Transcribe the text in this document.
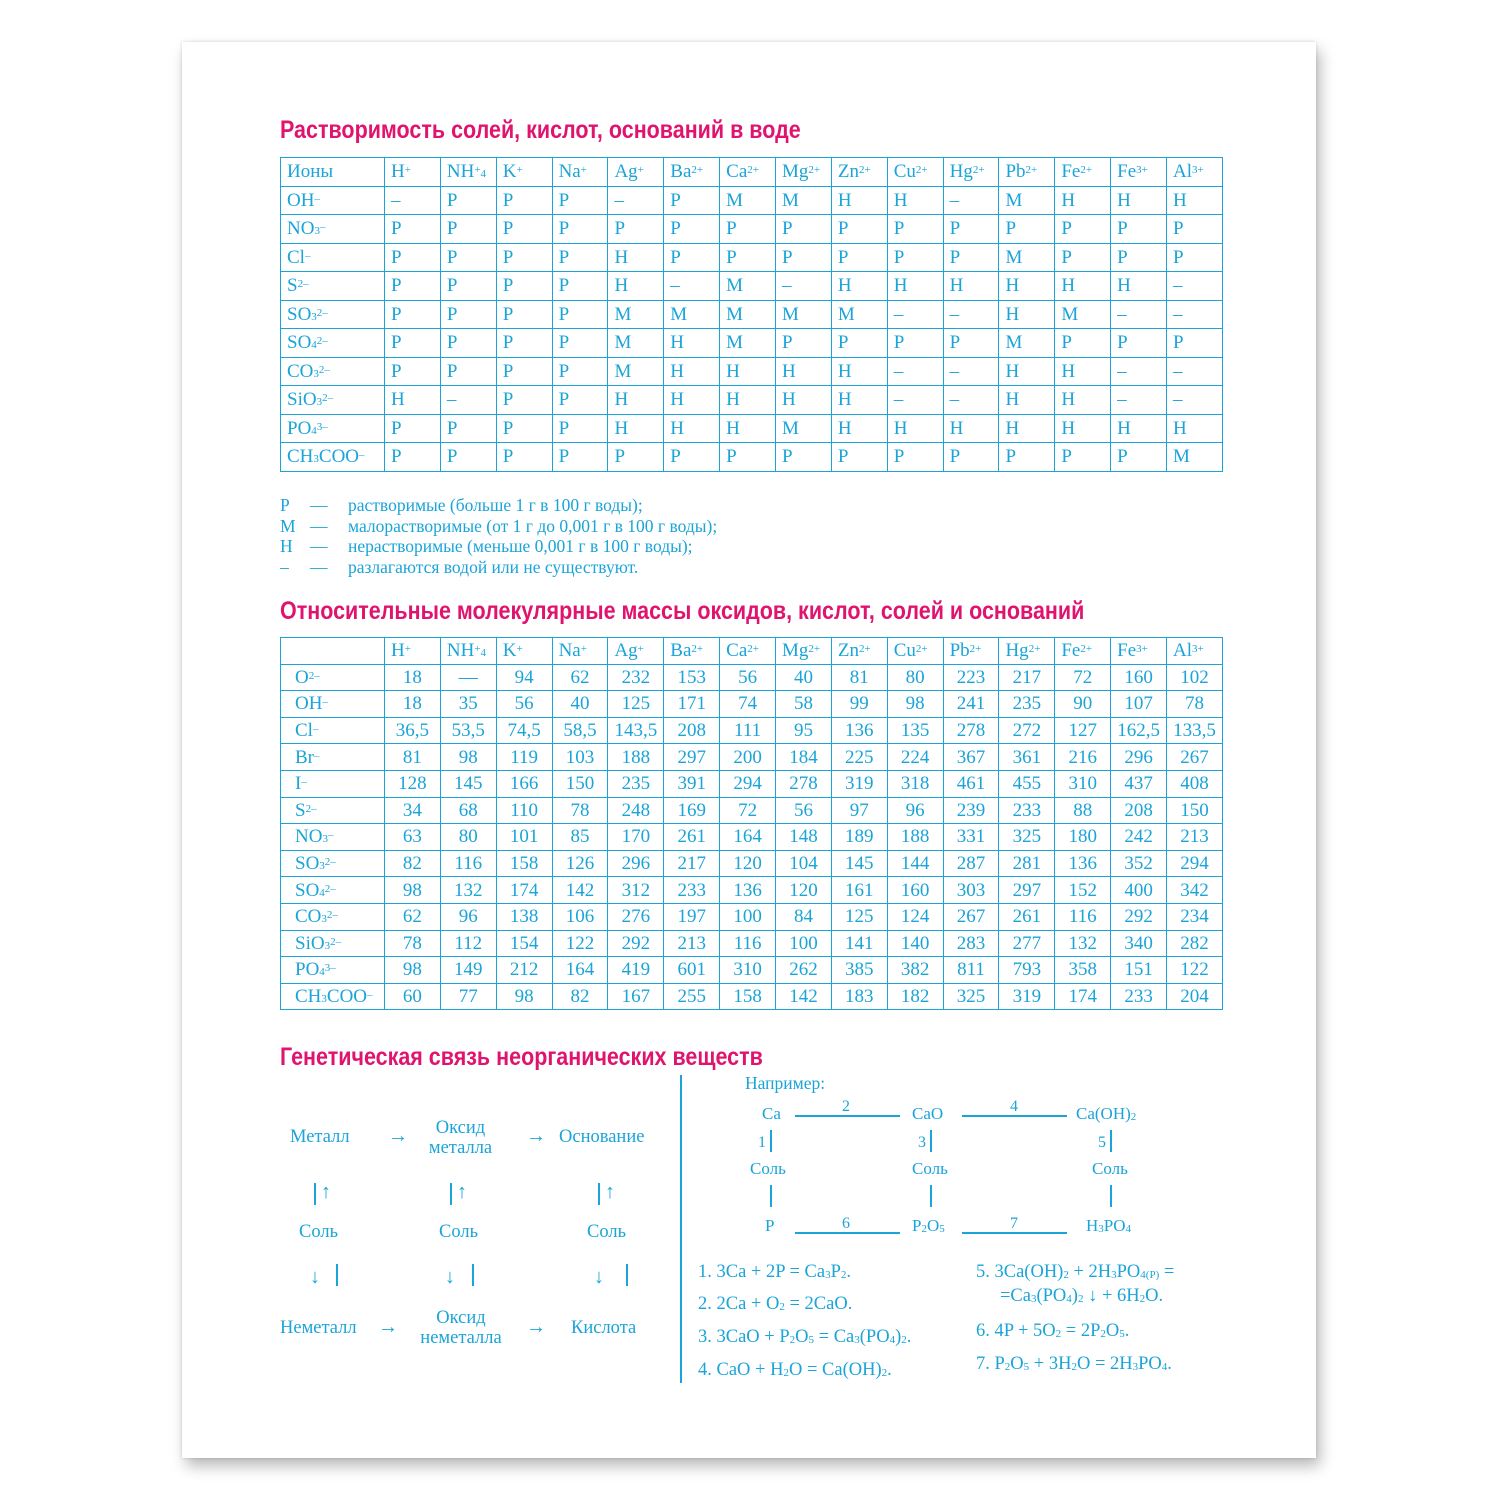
Растворимость солей, кислот, оснований в воде
Ионы	H+	$NH^+_4$	K+	Na+	Ag+	$Ba^{2+}$	$Ca^{2+}$	$Mg^{2+}$	$Zn^{2+}$	$Cu^{2+}$	$Hg^{2+}$	$Pb^{2+}$	$Fe^{2+}$	$Fe^{3+}$	$Al^{3+}$
OH–	–	Р	Р	Р	–	Р	М	М	Н	Н	–	М	Н	Н	Н
$NO_3^-$	Р	Р	Р	Р	Р	Р	Р	Р	Р	Р	Р	Р	Р	Р	Р
Cl–	Р	Р	Р	Р	Н	Р	Р	Р	Р	Р	Р	М	Р	Р	Р
$S^{2-}$	Р	Р	Р	Р	Н	–	М	–	Н	Н	Н	Н	Н	Н	–
$SO_3^{2-}$	Р	Р	Р	Р	М	М	М	М	М	–	–	Н	М	–	–
$SO_4^{2-}$	Р	Р	Р	Р	М	Н	М	Р	Р	Р	Р	М	Р	Р	Р
$CO_3^{2-}$	Р	Р	Р	Р	М	Н	Н	Н	Н	–	–	Н	Н	–	–
SiO$_3^{2-}$	Н	–	Р	Р	Н	Н	Н	Н	Н	–	–	Н	Н	–	–
$PO_4^{3-}$	Р	Р	Р	Р	Н	Н	Н	М	Н	Н	Н	Н	Н	Н	Н
$CH_3COO^-$	Р	Р	Р	Р	Р	Р	Р	Р	Р	Р	Р	Р	Р	Р	М
Р	—	растворимые (больше 1 г в 100 г воды);
М —	малорастворимые (от 1 г до 0,001 г в 100 г воды);
Н —	нерастворимые (меньше 0,001 г в 100 г воды);
–	—	разлагаются водой или не существуют.
Относительные молекулярные массы оксидов, кислот, солей и оснований
	H+	$NH^+_4$	K+	Na+	Ag+	$Ba^{2+}$	$Ca^{2+}$	$Mg^{2+}$	$Zn^{2+}$	$Cu^{2+}$	$Pb^{2+}$	$Hg^{2+}$	$Fe^{2+}$	$Fe^{3+}$	$Al^{3+}$
$O^{2-}$	18	—	94	62	232	153	56	40	81	80	223	217	72	160	102
OH–	18	35	56	40	125	171	74	58	99	98	241	235	90	107	78
Cl–	36,5	53,5	74,5	58,5	143,5	208	111	95	136	135	278	272	127	162,5	133,5
Br–	81	98	119	103	188	297	200	184	225	224	367	361	216	296	267
I–	128	145	166	150	235	391	294	278	319	318	461	455	310	437	408
$S^{2-}$	34	68	110	78	248	169	72	56	97	96	239	233	88	208	150
$NO_3^-$	63	80	101	85	170	261	164	148	189	188	331	325	180	242	213
$SO_3^{2-}$	82	116	158	126	296	217	120	104	145	144	287	281	136	352	294
$SO_4^{2-}$	98	132	174	142	312	233	136	120	161	160	303	297	152	400	342
$CO_3^{2-}$	62	96	138	106	276	197	100	84	125	124	267	261	116	292	234
SiO$_3^{2-}$	78	112	154	122	292	213	116	100	141	140	283	277	132	340	282
$PO_4^{3-}$	98	149	212	164	419	601	310	262	385	382	811	793	358	151	122
$CH_3COO^-$	60	77	98	82	167	255	158	142	183	182	325	319	174	233	204
Генетическая связь неорганических веществ
Металл →	Оксид
металла
→ Основание
↑	↑	↑
Соль	Соль	Соль
↓	↓	↓
Неметалл →	Оксид
неметалла	→ Кислота
Например:
Ca	2	CaO	4	$Ca(OH)_2$
1	3	5
Соль	Соль	Соль
P	6	$P_2O_5$	7	$H_3PO_4$
1. $3Ca + 2P = Ca_3P_2$.
2. $2Ca + O_2 = 2CaO$.
3. $3CaO + P_2O_5 = Ca_3(PO_4)_2$.
4. CaO + $H_2O = Ca(OH)_2$.
5. $3Ca(OH)_2 + 2H_3PO_{4(Р)}$ =
$=Ca_3(PO_4)_2$ ↓ + $6H_2O$.
6. $4P + 5O_2 = 2P_2O_5$.
7. $P_2O_5 + 3H_2O = 2H_3PO_4$.
